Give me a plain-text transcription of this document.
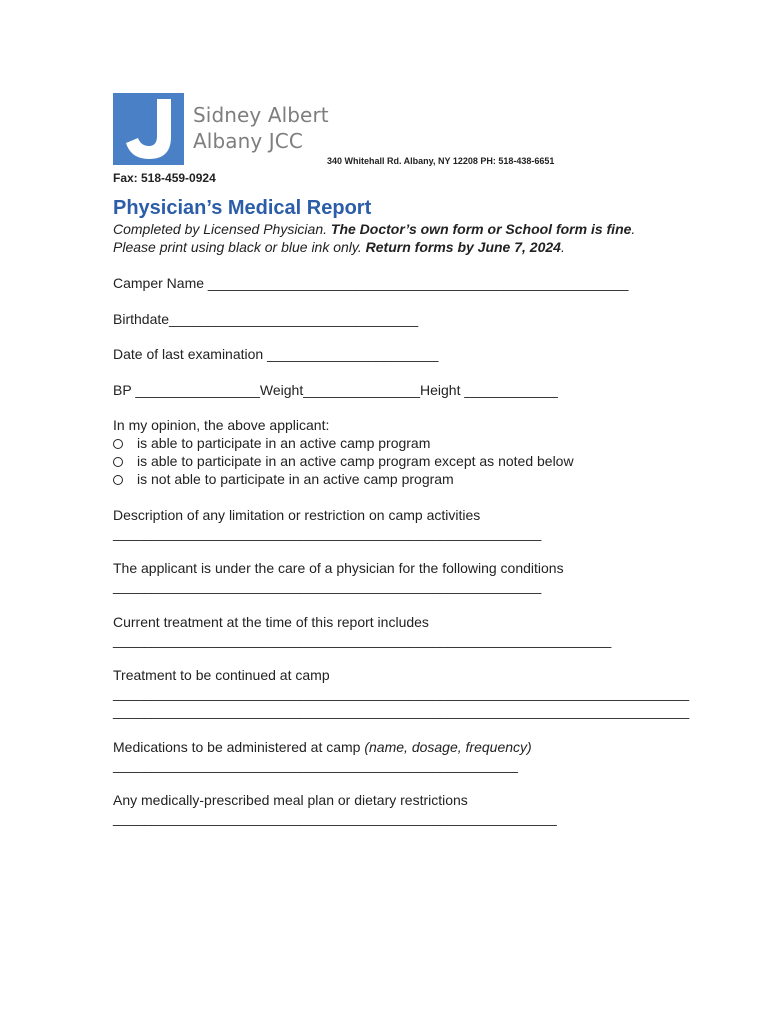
Sidney Albert
Albany JCC
340 Whitehall Rd. Albany, NY 12208 PH: 518-438-6651
Fax: 518-459-0924
Physician’s Medical Report
Completed by Licensed Physician. The Doctor’s own form or School form is fine.
Please print using black or blue ink only. Return forms by June 7, 2024.
Camper Name ______________________________________________________
Birthdate________________________________
Date of last examination ______________________
BP ________________Weight_______________Height ____________
In my opinion, the above applicant:
is able to participate in an active camp program
is able to participate in an active camp program except as noted below
is not able to participate in an active camp program
Description of any limitation or restriction on camp activities
_______________________________________________________
The applicant is under the care of a physician for the following conditions
_______________________________________________________
Current treatment at the time of this report includes
________________________________________________________________
Treatment to be continued at camp
__________________________________________________________________________
__________________________________________________________________________
Medications to be administered at camp (name, dosage, frequency)
____________________________________________________
Any medically-prescribed meal plan or dietary restrictions
_________________________________________________________
